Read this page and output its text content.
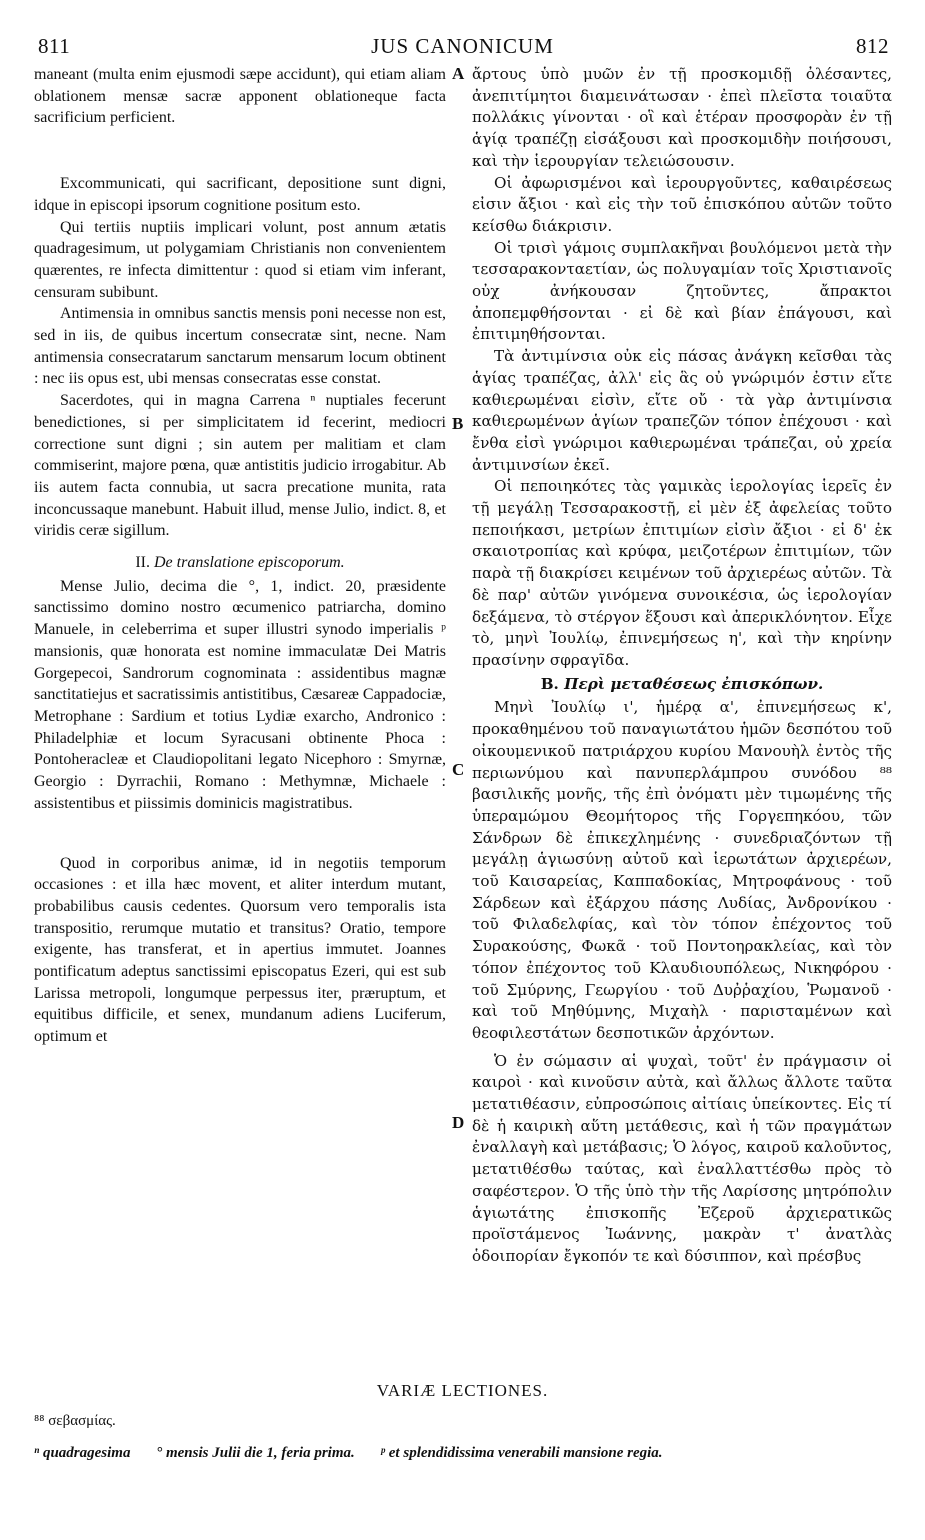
811	JUS CANONICUM	812
A
B
C
D

maneant (multa enim ejusmodi sæpe accidunt), qui etiam aliam oblationem mensæ sacræ apponent oblationeque facta sacrificium perficient.

Excommunicati, qui sacrificant, depositione sunt digni, idque in episcopi ipsorum cognitione positum esto.

Qui tertiis nuptiis implicari volunt, post annum ætatis quadragesimum, ut polygamiam Christianis non convenientem quærentes, re infecta dimittentur : quod si etiam vim inferant, censuram subibunt.

Antimensia in omnibus sanctis mensis poni necesse non est, sed in iis, de quibus incertum consecratæ sint, necne. Nam antimensia consecratarum sanctarum mensarum locum obtinent : nec iis opus est, ubi mensas consecratas esse constat.

Sacerdotes, qui in magna Carrena ⁿ nuptiales fecerunt benedictiones, si per simplicitatem id fecerint, mediocri correctione sunt digni ; sin autem per malitiam et clam commiserint, majore pœna, quæ antistitis judicio irrogabitur. Ab iis autem facta connubia, ut sacra precatione munita, rata inconcussaque manebunt. Habuit illud, mense Julio, indict. 8, et viridis ceræ sigillum.

II. De translatione episcoporum.

Mense Julio, decima die °, 1, indict. 20, præsidente sanctissimo domino nostro œcumenico patriarcha, domino Manuele, in celeberrima et super illustri synodo imperialis ᵖ mansionis, quæ honorata est nomine immaculatæ Dei Matris Gorgepecoi, Sandrorum cognominata : assidentibus magnæ sanctitatiejus et sacratissimis antistitibus, Cæsareæ Cappadociæ, Metrophane : Sardium et totius Lydiæ exarcho, Andronico : Philadelphiæ et locum Syracusani obtinente Phoca : Pontoheracleæ et Claudiopolitani legato Nicephoro : Smyrnæ, Georgio : Dyrrachii, Romano : Methymnæ, Michaele : assistentibus et piissimis dominicis magistratibus.

Quod in corporibus animæ, id in negotiis temporum occasiones : et illa hæc movent, et aliter interdum mutant, probabilibus causis cedentes. Quorsum vero temporalis ista transpositio, rerumque mutatio et transitus? Oratio, tempore exigente, has transferat, et in apertius immutet. Joannes pontificatum adeptus sanctissimi episcopatus Ezeri, qui est sub Larissa metropoli, longumque perpessus iter, præruptum, et equitibus difficile, et senex, mundanum adiens Luciferum, optimum et

ἄρτους ὑπὸ μυῶν ἐν τῇ προσκομιδῇ ὀλέσαντες, ἀνεπιτίμητοι διαμεινάτωσαν · ἐπεὶ πλεῖστα τοιαῦτα πολλάκις γίνονται · οἳ καὶ ἑτέραν προσφορὰν ἐν τῇ ἁγίᾳ τραπέζῃ εἰσάξουσι καὶ προσκομιδὴν ποιήσουσι, καὶ τὴν ἱερουργίαν τελειώσουσιν.

Οἱ ἀφωρισμένοι καὶ ἱερουργοῦντες, καθαιρέσεως εἰσιν ἄξιοι · καὶ εἰς τὴν τοῦ ἐπισκόπου αὐτῶν τοῦτο κείσθω διάκρισιν.

Οἱ τρισὶ γάμοις συμπλακῆναι βουλόμενοι μετὰ τὴν τεσσαρακονταετίαν, ὡς πολυγαμίαν τοῖς Χριστιανοῖς οὐχ ἀνήκουσαν ζητοῦντες, ἄπρακτοι ἀποπεμφθήσονται · εἰ δὲ καὶ βίαν ἐπάγουσι, καὶ ἐπιτιμηθήσονται.

Τὰ ἀντιμίνσια οὐκ εἰς πάσας ἀνάγκη κεῖσθαι τὰς ἁγίας τραπέζας, ἀλλ' εἰς ἃς οὐ γνώριμόν ἐστιν εἴτε καθιερωμέναι εἰσὶν, εἴτε οὔ · τὰ γὰρ ἀντιμίνσια καθιερωμένων ἁγίων τραπεζῶν τόπον ἐπέχουσι · καὶ ἔνθα εἰσὶ γνώριμοι καθιερωμέναι τράπεζαι, οὐ χρεία ἀντιμινσίων ἐκεῖ.

Οἱ πεποιηκότες τὰς γαμικὰς ἱερολογίας ἱερεῖς ἐν τῇ μεγάλῃ Τεσσαρακοστῇ, εἰ μὲν ἐξ ἀφελείας τοῦτο πεποιήκασι, μετρίων ἐπιτιμίων εἰσὶν ἄξιοι · εἰ δ' ἐκ σκαιοτροπίας καὶ κρύφα, μειζοτέρων ἐπιτιμίων, τῶν παρὰ τῇ διακρίσει κειμένων τοῦ ἀρχιερέως αὐτῶν. Τὰ δὲ παρ' αὐτῶν γινόμενα συνοικέσια, ὡς ἱερολογίαν δεξάμενα, τὸ στέργον ἕξουσι καὶ ἀπερικλόνητον. Εἶχε τὸ, μηνὶ Ἰουλίῳ, ἐπινεμήσεως η', καὶ τὴν κηρίνην πρασίνην σφραγῖδα.

B. Περὶ μεταθέσεως ἐπισκόπων.

Μηνὶ Ἰουλίῳ ι', ἡμέρᾳ α', ἐπινεμήσεως κ', προκαθημένου τοῦ παναγιωτάτου ἡμῶν δεσπότου τοῦ οἰκουμενικοῦ πατριάρχου κυρίου Μανουὴλ ἐντὸς τῆς περιωνύμου καὶ πανυπερλάμπρου συνόδου ⁸⁸ βασιλικῆς μονῆς, τῆς ἐπὶ ὀνόματι μὲν τιμωμένης τῆς ὑπεραμώμου Θεομήτορος τῆς Γοργεπηκόου, τῶν Σάνδρων δὲ ἐπικεχλημένης · συνεδριαζόντων τῇ μεγάλῃ ἁγιωσύνῃ αὐτοῦ καὶ ἱερωτάτων ἀρχιερέων, τοῦ Καισαρείας, Καππαδοκίας, Μητροφάνους · τοῦ Σάρδεων καὶ ἐξάρχου πάσης Λυδίας, Ἀνδρονίκου · τοῦ Φιλαδελφίας, καὶ τὸν τόπον ἐπέχοντος τοῦ Συρακούσης, Φωκᾶ · τοῦ Ποντοηρακλείας, καὶ τὸν τόπον ἐπέχοντος τοῦ Κλαυδιουπόλεως, Νικηφόρου · τοῦ Σμύρνης, Γεωργίου · τοῦ Δυῤῥαχίου, Ῥωμανοῦ · καὶ τοῦ Μηθύμνης, Μιχαὴλ · παρισταμένων καὶ θεοφιλεστάτων δεσποτικῶν ἀρχόντων.

Ὁ ἐν σώμασιν αἱ ψυχαὶ, τοῦτ' ἐν πράγμασιν οἱ καιροὶ · καὶ κινοῦσιν αὐτὰ, καὶ ἄλλως ἄλλοτε ταῦτα μετατιθέασιν, εὐπροσώποις αἰτίαις ὑπείκοντες. Εἰς τί δὲ ἡ καιρικὴ αὕτη μετάθεσις, καὶ ἡ τῶν πραγμάτων ἐναλλαγὴ καὶ μετάβασις; Ὁ λόγος, καιροῦ καλοῦντος, μετατιθέσθω ταύτας, καὶ ἐναλλαττέσθω πρὸς τὸ σαφέστερον. Ὁ τῆς ὑπὸ τὴν τῆς Λαρίσσης μητρόπολιν ἁγιωτάτης ἐπισκοπῆς Ἐζεροῦ ἀρχιερατικῶς προϊστάμενος Ἰωάννης, μακρὰν τ' ἀνατλὰς ὁδοιπορίαν ἔγκοπόν τε καὶ δύσιππον, καὶ πρέσβυς

VARIÆ LECTIONES.
⁸⁸ σεβασμίας.
ⁿ quadragesima ° mensis Julii die 1, feria prima. ᵖ et splendidissima venerabili mansione regia.
